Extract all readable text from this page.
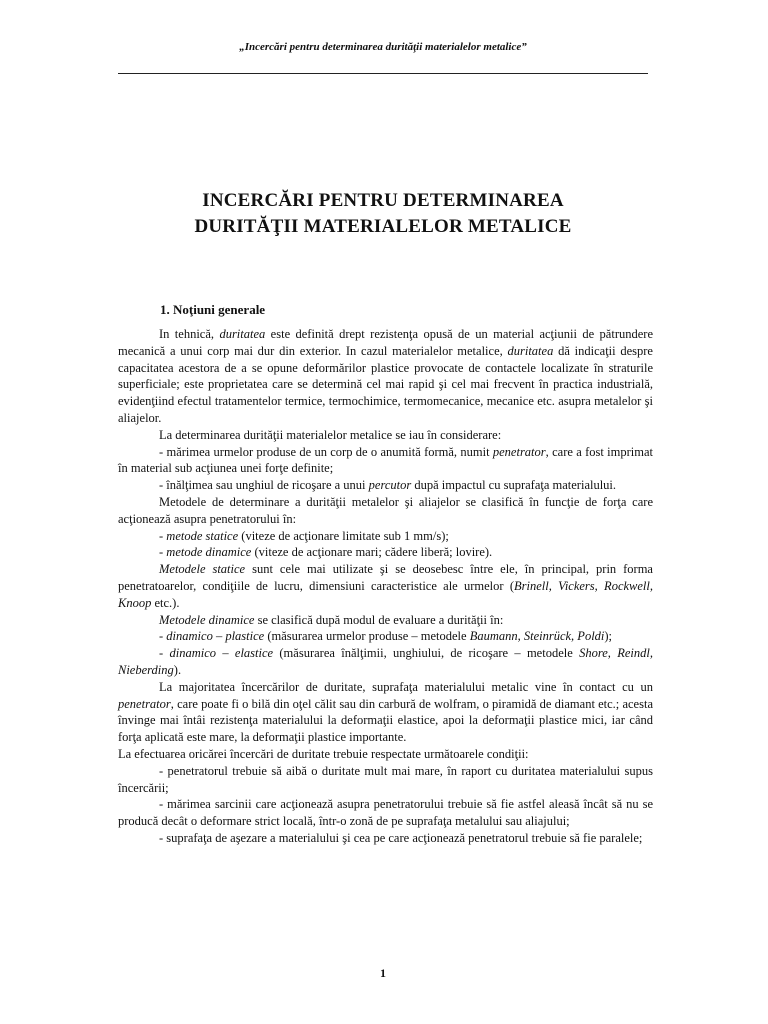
„Incercări pentru determinarea durităţii materialelor metalice”
INCERCĂRI PENTRU DETERMINAREA
DURITĂŢII MATERIALELOR METALICE
1. Noţiuni generale

In tehnică, duritatea este definită drept rezistenţa opusă de un material acţiunii de pătrundere mecanică a unui corp mai dur din exterior. In cazul materialelor metalice, duritatea dă indicaţii despre capacitatea acestora de a se opune deformărilor plastice provocate de contactele localizate în straturile superficiale; este proprietatea care se determină cel mai rapid şi cel mai frecvent în practica industrială, evidenţiind efectul tratamentelor termice, termochimice, termomecanice, mecanice etc. asupra metalelor şi aliajelor.

La determinarea durităţii materialelor metalice se iau în considerare:

- mărimea urmelor produse de un corp de o anumită formă, numit penetrator, care a fost imprimat în material sub acţiunea unei forţe definite;

- înălţimea sau unghiul de ricoşare a unui percutor după impactul cu suprafaţa materialului.

Metodele de determinare a durităţii metalelor şi aliajelor se clasifică în funcţie de forţa care acţionează asupra penetratorului în:

- metode statice (viteze de acţionare limitate sub 1 mm/s);

- metode dinamice (viteze de acţionare mari; cădere liberă; lovire).

Metodele statice sunt cele mai utilizate şi se deosebesc între ele, în principal, prin forma penetratoarelor, condiţiile de lucru, dimensiuni caracteristice ale urmelor (Brinell, Vickers, Rockwell, Knoop etc.).

Metodele dinamice se clasifică după modul de evaluare a durităţii în:

- dinamico – plastice (măsurarea urmelor produse – metodele Baumann, Steinrück, Poldi);

- dinamico – elastice (măsurarea înălţimii, unghiului, de ricoşare – metodele Shore, Reindl, Nieberding).

La majoritatea încercărilor de duritate, suprafaţa materialului metalic vine în contact cu un penetrator, care poate fi o bilă din oţel călit sau din carbură de wolfram, o piramidă de diamant etc.; acesta învinge mai întâi rezistenţa materialului la deformaţii elastice, apoi la deformaţii plastice mici, iar când forţa aplicată este mare, la deformaţii plastice importante.

La efectuarea oricărei încercări de duritate trebuie respectate următoarele condiţii:

- penetratorul trebuie să aibă o duritate mult mai mare, în raport cu duritatea materialului supus încercării;

- mărimea sarcinii care acţionează asupra penetratorului trebuie să fie astfel aleasă încât să nu se producă decât o deformare strict locală, într-o zonă de pe suprafaţa metalului sau aliajului;

- suprafaţa de aşezare a materialului şi cea pe care acţionează penetratorul trebuie să fie paralele;

1
